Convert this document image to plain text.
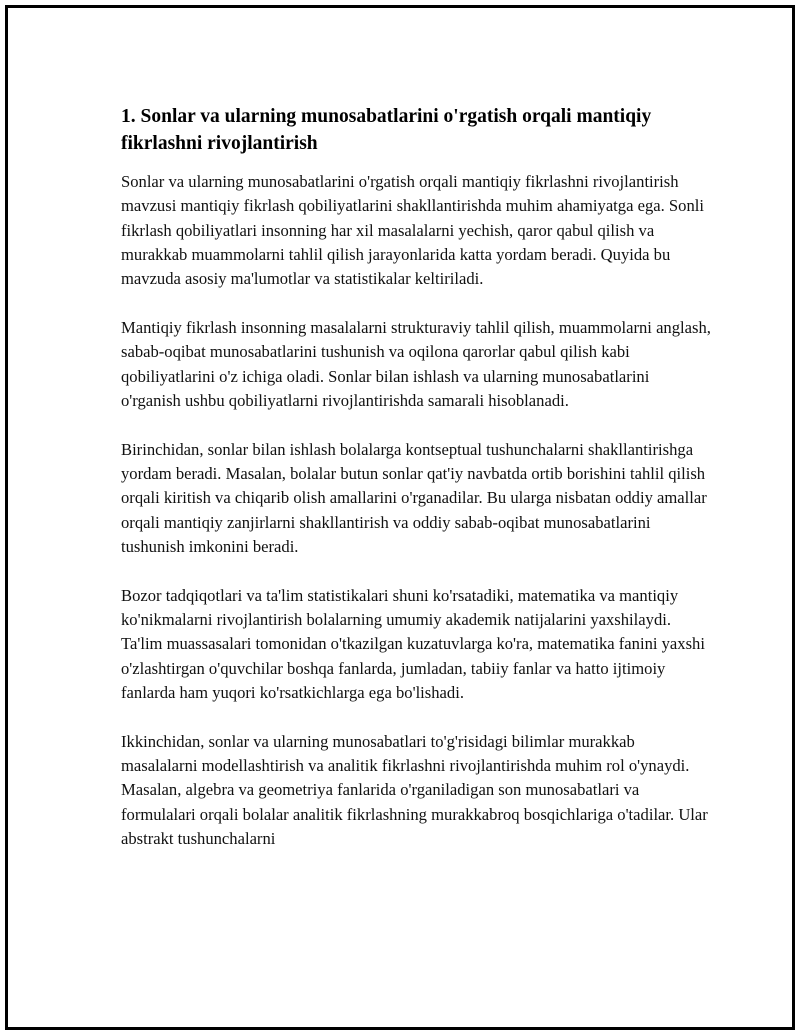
1. Sonlar va ularning munosabatlarini o'rgatish orqali mantiqiy fikrlashni rivojlantirish

Sonlar va ularning munosabatlarini o'rgatish orqali mantiqiy fikrlashni rivojlantirish mavzusi mantiqiy fikrlash qobiliyatlarini shakllantirishda muhim ahamiyatga ega. Sonli fikrlash qobiliyatlari insonning har xil masalalarni yechish, qaror qabul qilish va murakkab muammolarni tahlil qilish jarayonlarida katta yordam beradi. Quyida bu mavzuda asosiy ma'lumotlar va statistikalar keltiriladi.

Mantiqiy fikrlash insonning masalalarni strukturaviy tahlil qilish, muammolarni anglash, sabab-oqibat munosabatlarini tushunish va oqilona qarorlar qabul qilish kabi qobiliyatlarini o'z ichiga oladi. Sonlar bilan ishlash va ularning munosabatlarini o'rganish ushbu qobiliyatlarni rivojlantirishda samarali hisoblanadi.

Birinchidan, sonlar bilan ishlash bolalarga kontseptual tushunchalarni shakllantirishga yordam beradi. Masalan, bolalar butun sonlar qat'iy navbatda ortib borishini tahlil qilish orqali kiritish va chiqarib olish amallarini o'rganadilar. Bu ularga nisbatan oddiy amallar orqali mantiqiy zanjirlarni shakllantirish va oddiy sabab-oqibat munosabatlarini tushunish imkonini beradi.

Bozor tadqiqotlari va ta'lim statistikalari shuni ko'rsatadiki, matematika va mantiqiy ko'nikmalarni rivojlantirish bolalarning umumiy akademik natijalarini yaxshilaydi. Ta'lim muassasalari tomonidan o'tkazilgan kuzatuvlarga ko'ra, matematika fanini yaxshi o'zlashtirgan o'quvchilar boshqa fanlarda, jumladan, tabiiy fanlar va hatto ijtimoiy fanlarda ham yuqori ko'rsatkichlarga ega bo'lishadi.

Ikkinchidan, sonlar va ularning munosabatlari to'g'risidagi bilimlar murakkab masalalarni modellashtirish va analitik fikrlashni rivojlantirishda muhim rol o'ynaydi. Masalan, algebra va geometriya fanlarida o'rganiladigan son munosabatlari va formulalari orqali bolalar analitik fikrlashning murakkabroq bosqichlariga o'tadilar. Ular abstrakt tushunchalarni
